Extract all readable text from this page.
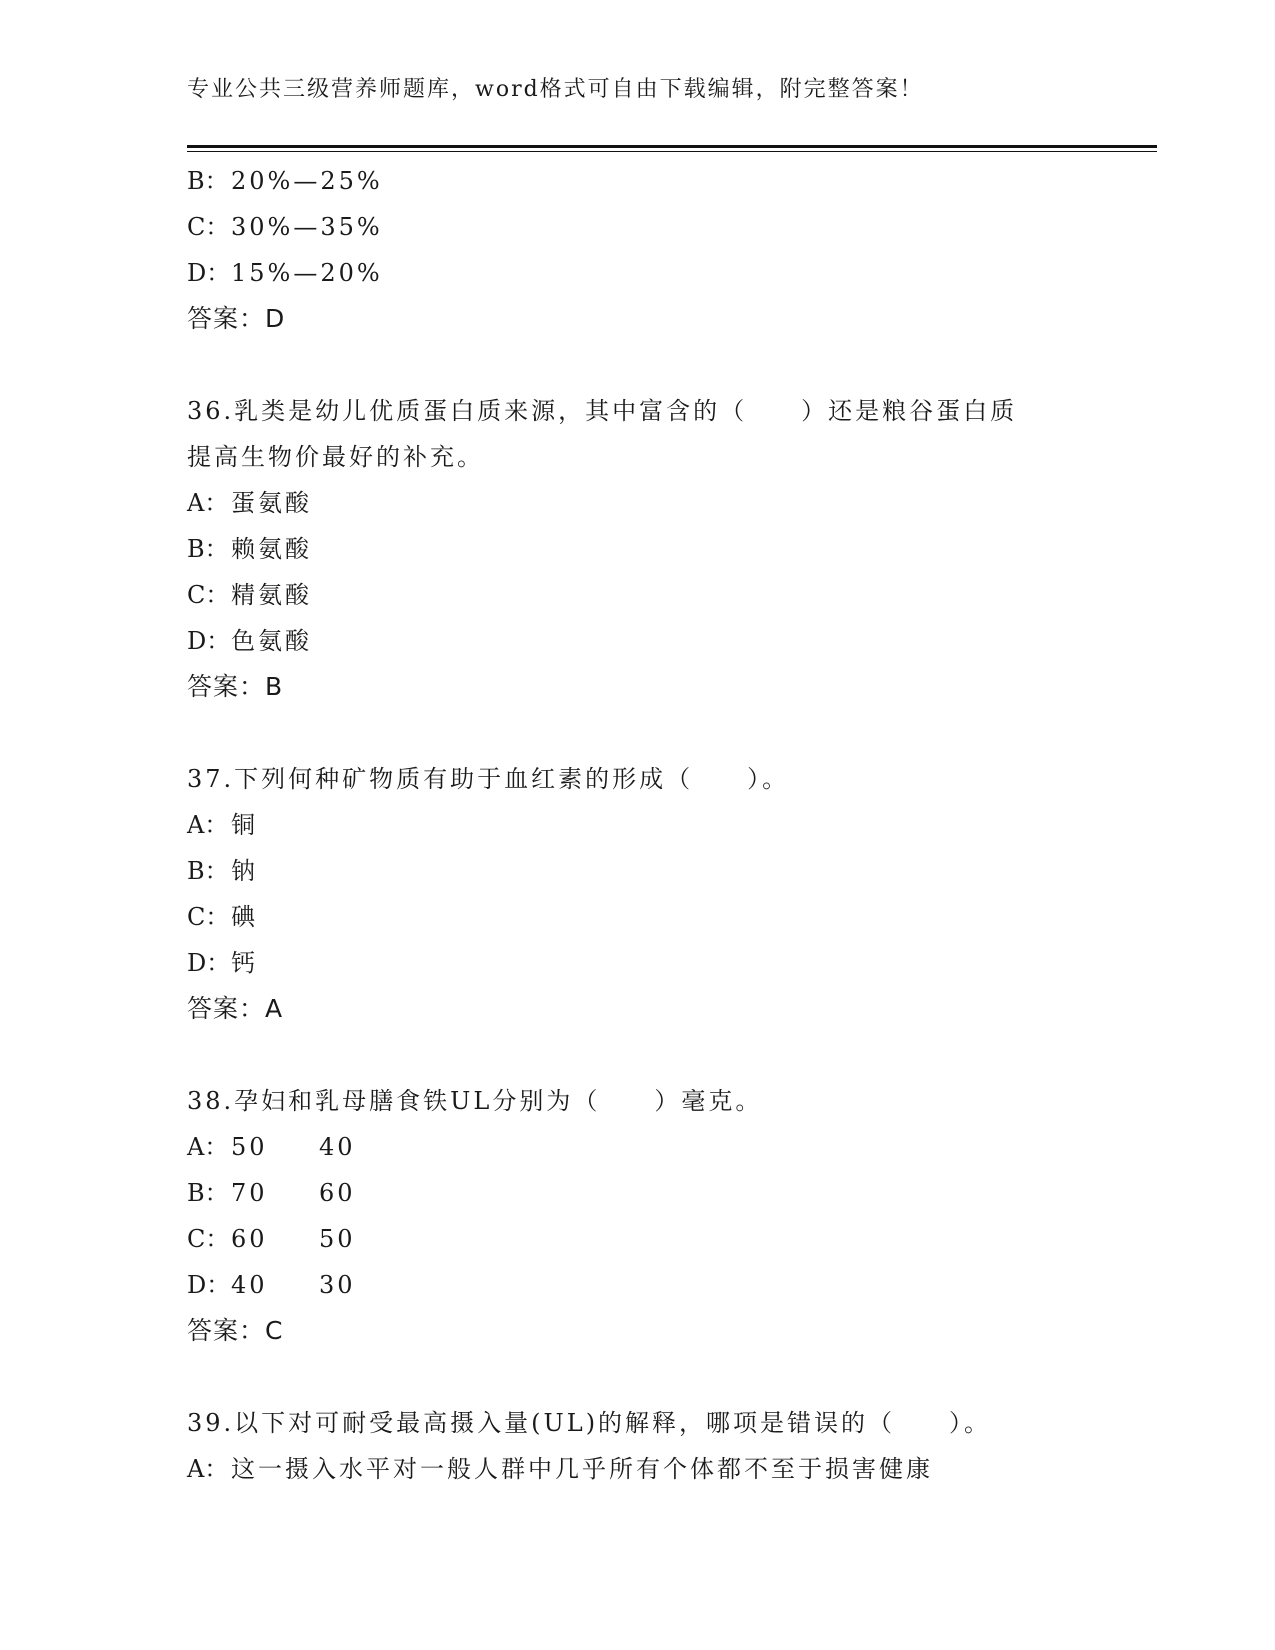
专业公共三级营养师题库，word格式可自由下载编辑，附完整答案！
B：20%—25%
C：30%—35%
D：15%—20%
答案：D
36.乳类是幼儿优质蛋白质来源，其中富含的（　　）还是粮谷蛋白质
提高生物价最好的补充。
A： 蛋氨酸
B：赖氨酸
C：精氨酸
D：色氨酸
答案：B
37.下列何种矿物质有助于血红素的形成（　　）。
A： 铜
B：钠
C：碘
D：钙
答案：A
38.孕妇和乳母膳食铁UL分别为（　　）毫克。
A： 50 40
B：70 60
C：60 50
D：40 30
答案：C
39.以下对可耐受最高摄入量(UL)的解释，哪项是错误的（　　）。
A： 这一摄入水平对一般人群中几乎所有个体都不至于损害健康
